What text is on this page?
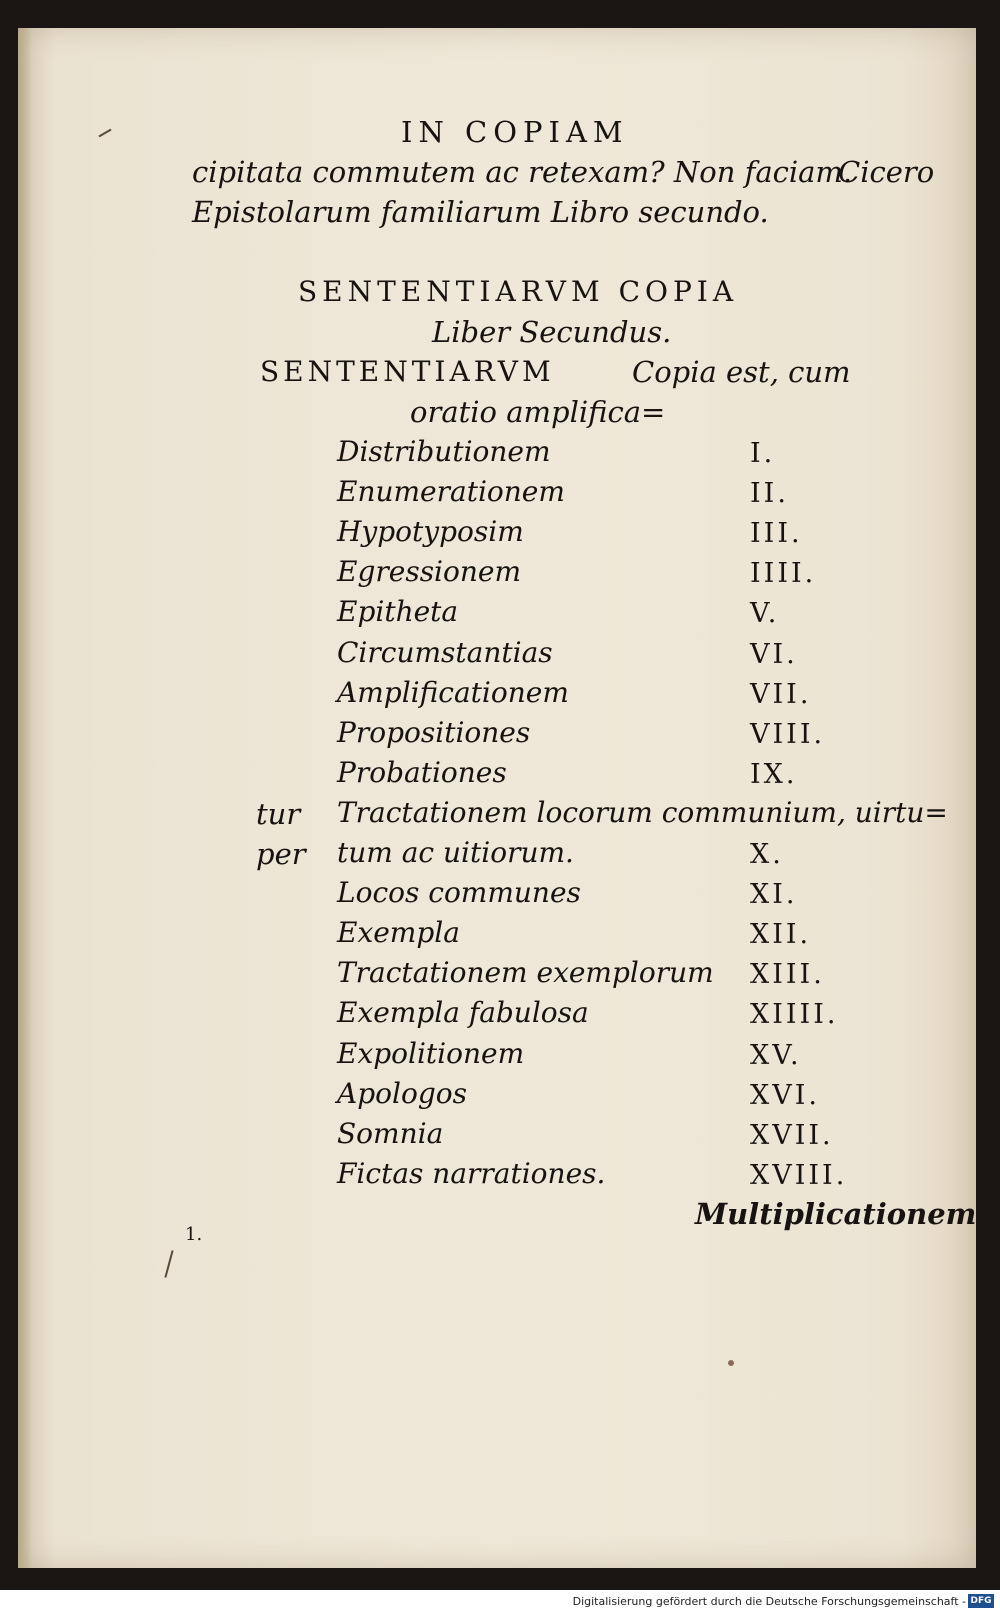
IN COPIAM
cipitata commutem ac retexam? Non faciam.
Cicero
Epistolarum familiarum Libro secundo.
SENTENTIARVM COPIA
Liber Secundus.
SENTENTIARVM	Copia est, cum
oratio amplifica=
tur
per
Distributionem	I.
Enumerationem	II.
Hypotyposim	III.
Egressionem	IIII.
Epitheta	V.
Circumstantias	VI.
Amplificationem	VII.
Propositiones	VIII.
Probationes	IX.
Tractationem locorum communium, uirtu=
tum ac uitiorum.	X.
Locos communes	XI.
Exempla	XII.
Tractationem exemplorum XIII.
Exempla fabulosa	XIIII.
Expolitionem	XV.
Apologos	XVI.
Somnia	XVII.
Fictas narrationes.	XVIII.
Multiplicationem
1.
Digitalisierung gefördert durch die Deutsche Forschungsgemeinschaft - DFG
